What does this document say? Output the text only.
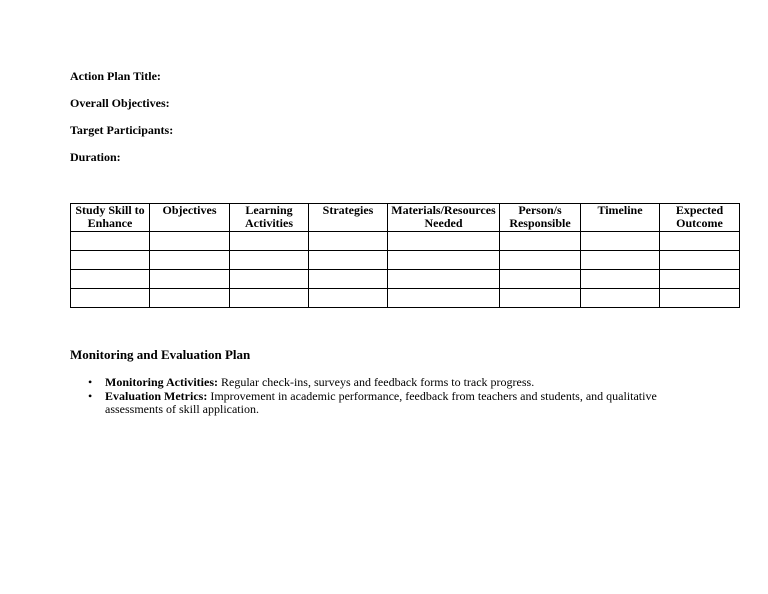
Action Plan Title:
Overall Objectives:
Target Participants:
Duration:
Study Skill to Enhance	Objectives	Learning Activities	Strategies	Materials/Resources Needed	Person/s Responsible	Timeline	Expected Outcome

Monitoring and Evaluation Plan
• Monitoring Activities: Regular check-ins, surveys and feedback forms to track progress.
• Evaluation Metrics: Improvement in academic performance, feedback from teachers and students, and qualitative assessments of skill application.
